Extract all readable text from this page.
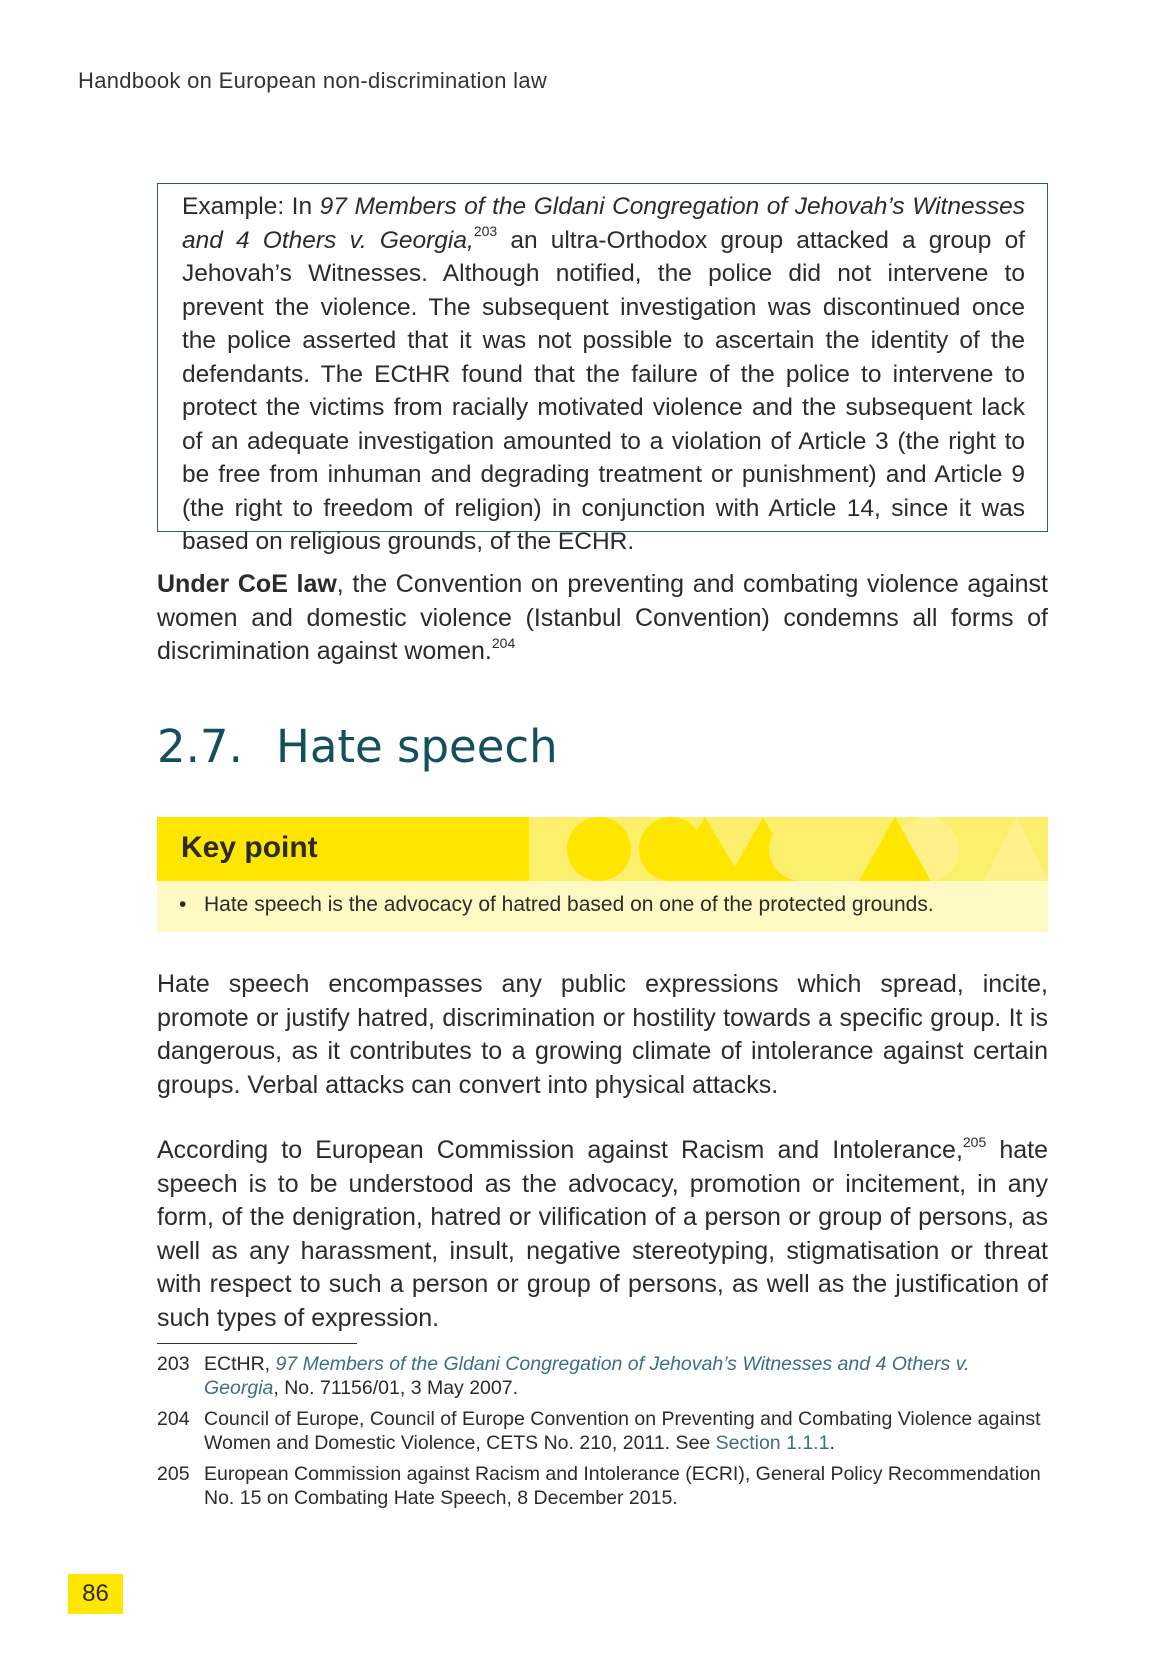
Handbook on European non-discrimination law

Example: In 97 Members of the Gldani Congregation of Jehovah’s Witnesses and 4 Others v. Georgia,$^{203}$ an ultra-Orthodox group attacked a group of Jehovah’s Witnesses. Although notified, the police did not intervene to prevent the violence. The subsequent investigation was discontinued once the police asserted that it was not possible to ascertain the identity of the defendants. The ECtHR found that the failure of the police to intervene to protect the victims from racially motivated violence and the subsequent lack of an adequate investigation amounted to a violation of Article 3 (the right to be free from inhuman and degrading treatment or punishment) and Article 9 (the right to freedom of religion) in conjunction with Article 14, since it was based on religious grounds, of the ECHR.

Under CoE law, the Convention on preventing and combating violence against women and domestic violence (Istanbul Convention) condemns all forms of discrimination against women.$^{204}$

2.7. Hate speech
Key point
• Hate speech is the advocacy of hatred based on one of the protected grounds.

Hate speech encompasses any public expressions which spread, incite, promote or justify hatred, discrimination or hostility towards a specific group. It is dangerous, as it contributes to a growing climate of intolerance against certain groups. Verbal attacks can convert into physical attacks.

According to European Commission against Racism and Intolerance,$^{205}$ hate speech is to be understood as the advocacy, promotion or incitement, in any form, of the denigration, hatred or vilification of a person or group of persons, as well as any harassment, insult, negative stereotyping, stigmatisation or threat with respect to such a person or group of persons, as well as the justification of such types of expression.

203 ECtHR, 97 Members of the Gldani Congregation of Jehovah’s Witnesses and 4 Others v. Georgia, No. 71156/01, 3 May 2007.
204 Council of Europe, Council of Europe Convention on Preventing and Combating Violence against Women and Domestic Violence, CETS No. 210, 2011. See Section 1.1.1.
205 European Commission against Racism and Intolerance (ECRI), General Policy Recommendation No. 15 on Combating Hate Speech, 8 December 2015.
86
